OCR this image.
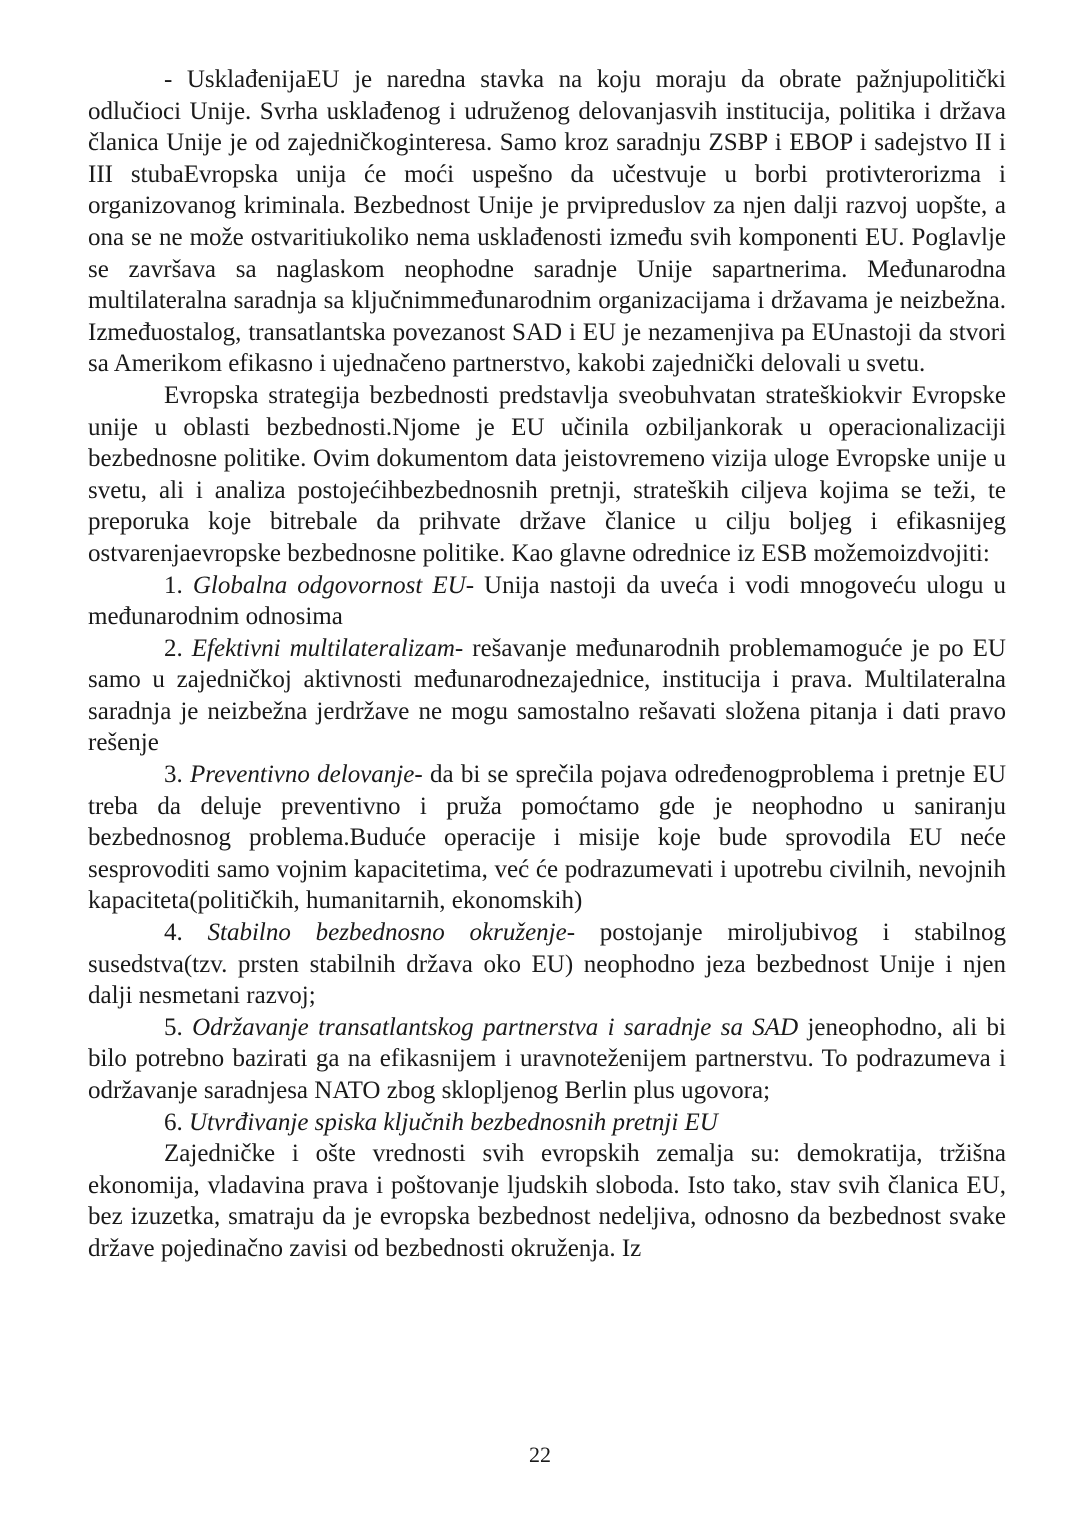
- UsklađenijaEU je naredna stavka na koju moraju da obrate pažnjupolitički odlučioci Unije. Svrha usklađenog i udruženog delovanjasvih institucija, politika i država članica Unije je od zajedničkoginteresa. Samo kroz saradnju ZSBP i EBOP i sadejstvo II i III stubaEvropska unija će moći uspešno da učestvuje u borbi protivterorizma i organizovanog kriminala. Bezbednost Unije je prvipreduslov za njen dalji razvoj uopšte, a ona se ne može ostvaritiukoliko nema usklađenosti između svih komponenti EU. Poglavlje se završava sa naglaskom neophodne saradnje Unije sapartnerima. Međunarodna multilateralna saradnja sa ključnimmeđunarodnim organizacijama i državama je neizbežna. Izmeđuostalog, transatlantska povezanost SAD i EU je nezamenjiva pa EUnastoji da stvori sa Amerikom efikasno i ujednačeno partnerstvo, kakobi zajednički delovali u svetu.

Evropska strategija bezbednosti predstavlja sveobuhvatan strateškiokvir Evropske unije u oblasti bezbednosti.Njome je EU učinila ozbiljankorak u operacionalizaciji bezbednosne politike. Ovim dokumentom data jeistovremeno vizija uloge Evropske unije u svetu, ali i analiza postojećihbezbednosnih pretnji, strateških ciljeva kojima se teži, te preporuka koje bitrebale da prihvate države članice u cilju boljeg i efikasnijeg ostvarenjaevropske bezbednosne politike. Kao glavne odrednice iz ESB možemoizdvojiti:

1. Globalna odgovornost EU- Unija nastoji da uveća i vodi mnogoveću ulogu u međunarodnim odnosima

2. Efektivni multilateralizam- rešavanje međunarodnih problemamoguće je po EU samo u zajedničkoj aktivnosti međunarodnezajednice, institucija i prava. Multilateralna saradnja je neizbežna jerdržave ne mogu samostalno rešavati složena pitanja i dati pravo rešenje

3. Preventivno delovanje- da bi se sprečila pojava određenogproblema i pretnje EU treba da deluje preventivno i pruža pomoćtamo gde je neophodno u saniranju bezbednosnog problema.Buduće operacije i misije koje bude sprovodila EU neće sesprovoditi samo vojnim kapacitetima, već će podrazumevati i upotrebu civilnih, nevojnih kapaciteta(političkih, humanitarnih, ekonomskih)

4. Stabilno bezbednosno okruženje- postojanje miroljubivog i stabilnog susedstva(tzv. prsten stabilnih država oko EU) neophodno jeza bezbednost Unije i njen dalji nesmetani razvoj;

5. Održavanje transatlantskog partnerstva i saradnje sa SAD jeneophodno, ali bi bilo potrebno bazirati ga na efikasnijem i uravnoteženijem partnerstvu. To podrazumeva i održavanje saradnjesa NATO zbog sklopljenog Berlin plus ugovora;

6. Utvrđivanje spiska ključnih bezbednosnih pretnji EU

Zajedničke i ošte vrednosti svih evropskih zemalja su: demokratija, tržišna ekonomija, vladavina prava i poštovanje ljudskih sloboda. Isto tako, stav svih članica EU, bez izuzetka, smatraju da je evropska bezbednost nedeljiva, odnosno da bezbednost svake države pojedinačno zavisi od bezbednosti okruženja. Iz

22
